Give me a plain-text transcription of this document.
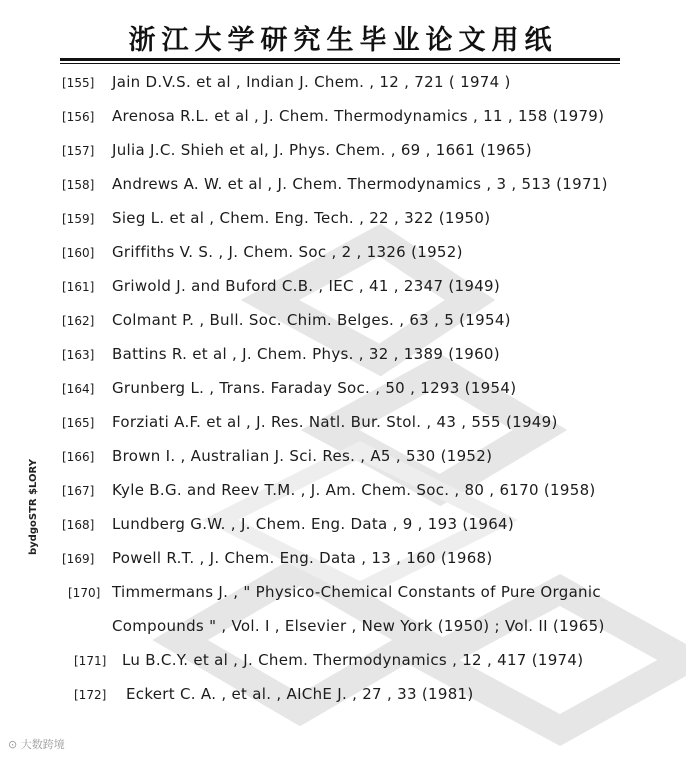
浙江大学研究生毕业论文用纸
[155] Jain D.V.S. et al , Indian J. Chem. , 12 , 721 ( 1974 )
[156] Arenosa R.L. et al , J. Chem. Thermodynamics , 11 , 158 (1979)
[157] Julia J.C. Shieh et al, J. Phys. Chem. , 69 , 1661 (1965)
[158] Andrews A. W. et al , J. Chem. Thermodynamics , 3 , 513 (1971)
[159] Sieg L. et al , Chem. Eng. Tech. , 22 , 322 (1950)
[160] Griffiths V. S. , J. Chem. Soc , 2 , 1326 (1952)
[161] Griwold J. and Buford C.B. , IEC , 41 , 2347 (1949)
[162] Colmant P. , Bull. Soc. Chim. Belges. , 63 , 5 (1954)
[163] Battins R. et al , J. Chem. Phys. , 32 , 1389 (1960)
[164] Grunberg L. , Trans. Faraday Soc. , 50 , 1293 (1954)
[165] Forziati A.F. et al , J. Res. Natl. Bur. Stol. , 43 , 555 (1949)
[166] Brown I. , Australian J. Sci. Res. , A5 , 530 (1952)
[167] Kyle B.G. and Reev T.M. , J. Am. Chem. Soc. , 80 , 6170 (1958)
[168] Lundberg G.W. , J. Chem. Eng. Data , 9 , 193 (1964)
[169] Powell R.T. , J. Chem. Eng. Data , 13 , 160 (1968)
[170] Timmermans J. , " Physico-Chemical Constants of Pure Organic
Compounds " , Vol. I , Elsevier , New York (1950) ; Vol. II (1965)
[171] Lu B.C.Y. et al , J. Chem. Thermodynamics , 12 , 417 (1974)
[172] Eckert C. A. , et al. , AIChE J. , 27 , 33 (1981)
bydgoSTR $LORY
⊙ 大数跨境
